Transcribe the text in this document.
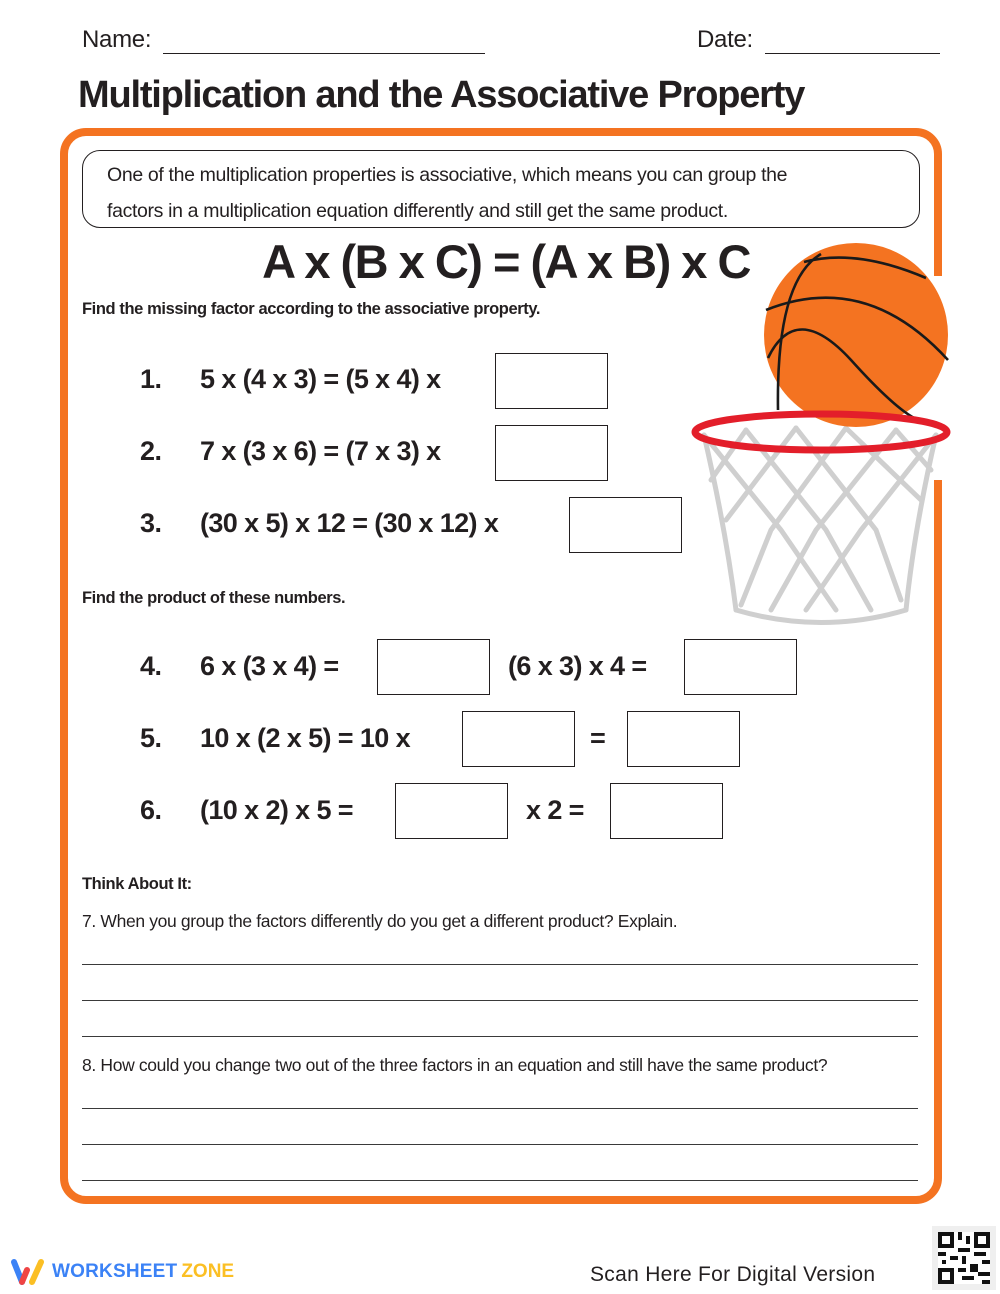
Name:	Date:
Multiplication and the Associative Property
One of the multiplication properties is associative, which means you can group the
factors in a multiplication equation differently and still get the same product.
A x (B x C) = (A x B) x C
Find the missing factor according to the associative property.
1. 5 x (4 x 3) = (5 x 4) x
2. 7 x (3 x 6) = (7 x 3) x
3. (30 x 5) x 12 = (30 x 12) x
Find the product of these numbers.
4. 6 x (3 x 4) =	(6 x 3) x 4 =
5. 10 x (2 x 5) = 10 x	=
6. (10 x 2) x 5 =	x 2 =
Think About It:
7. When you group the factors differently do you get a different product? Explain.
8. How could you change two out of the three factors in an equation and still have the same product?
WORKSHEET ZONE	Scan Here For Digital Version
